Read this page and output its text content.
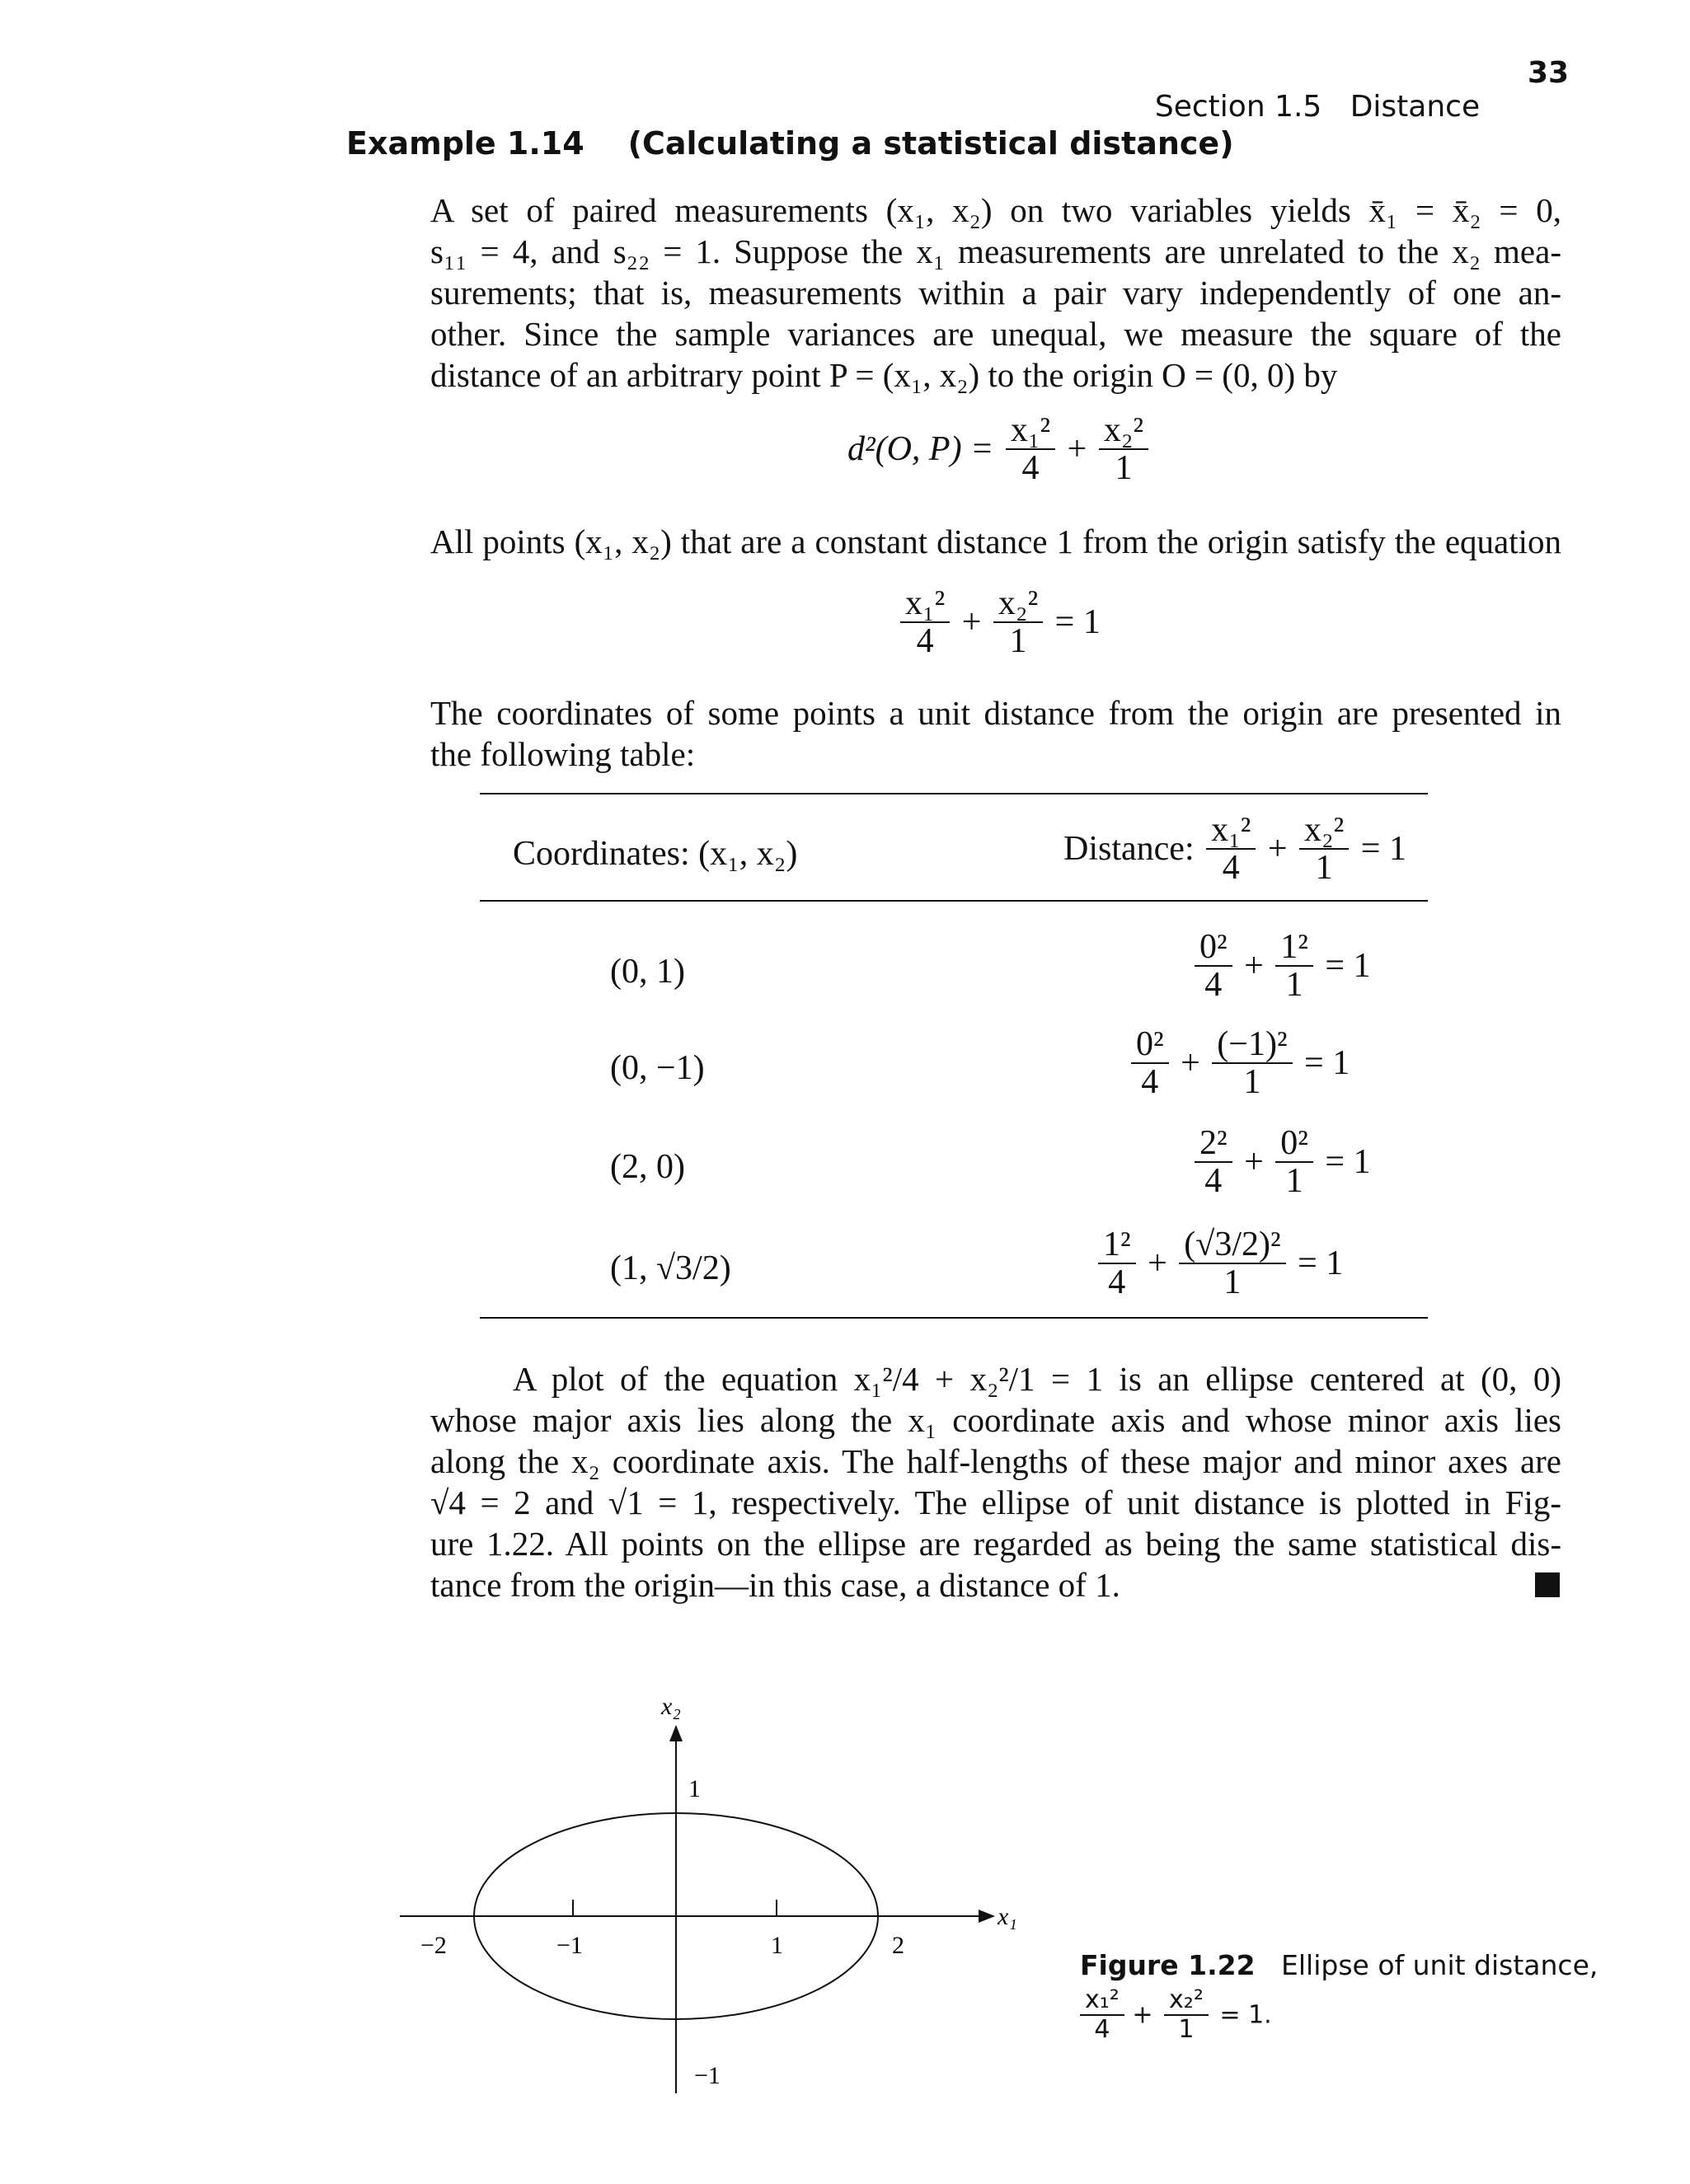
Section 1.5 Distance

33

Example 1.14 (Calculating a statistical distance)
A set of paired measurements (x₁, x₂) on two variables yields x̄₁ = x̄₂ = 0,
s₁₁ = 4, and s₂₂ = 1. Suppose the x₁ measurements are unrelated to the x₂ mea-
surements; that is, measurements within a pair vary independently of one an-
other. Since the sample variances are unequal, we measure the square of the
distance of an arbitrary point P = (x₁, x₂) to the origin O = (0, 0) by
d²(O, $P) = \frac{\text{x₁²}}{4} + \frac{\text{x₂²}}{1}$
All points (x₁, x₂) that are a constant distance 1 from the origin satisfy the equation
$\frac{\text{x₁²}}{4} + \frac{\text{x₂²}}{1} = 1$
The coordinates of some points a unit distance from the origin are presented in
the following table:
Coordinates: (x₁, x₂)	Distance: $\frac{\text{x₁²}}{4} + \frac{\text{x₂²}}{1} = 1$
(0, 1)	$\frac{\text{0²}}{4} + \frac{\text{1²}}{1} = 1$
(0, −1)	$\frac{\text{0²}}{4} + \frac{\text{(−1)²}}{1} = 1$
(2, 0)	$\frac{\text{2²}}{4} + \frac{\text{0²}}{1} = 1$
(1, √3/2)	$\frac{\text{1²}}{4} + \frac{\text{(√3/2)²}}{1} = 1$
A plot of the equation x₁²/4 + x₂²/1 = 1 is an ellipse centered at (0, 0)
whose major axis lies along the x₁ coordinate axis and whose minor axis lies
along the x₂ coordinate axis. The half-lengths of these major and minor axes are
√4 = 2 and √1 = 1, respectively. The ellipse of unit distance is plotted in Fig-
ure 1.22. All points on the ellipse are regarded as being the same statistical dis-
tance from the origin—in this case, a distance of 1.
x₂
1
−1
−2	−1	1	2
x₁
Figure 1.22 Ellipse of unit distance,
$\frac{\text{x₁²}}{4} + \frac{\text{x₂²}}{1} = 1$.
